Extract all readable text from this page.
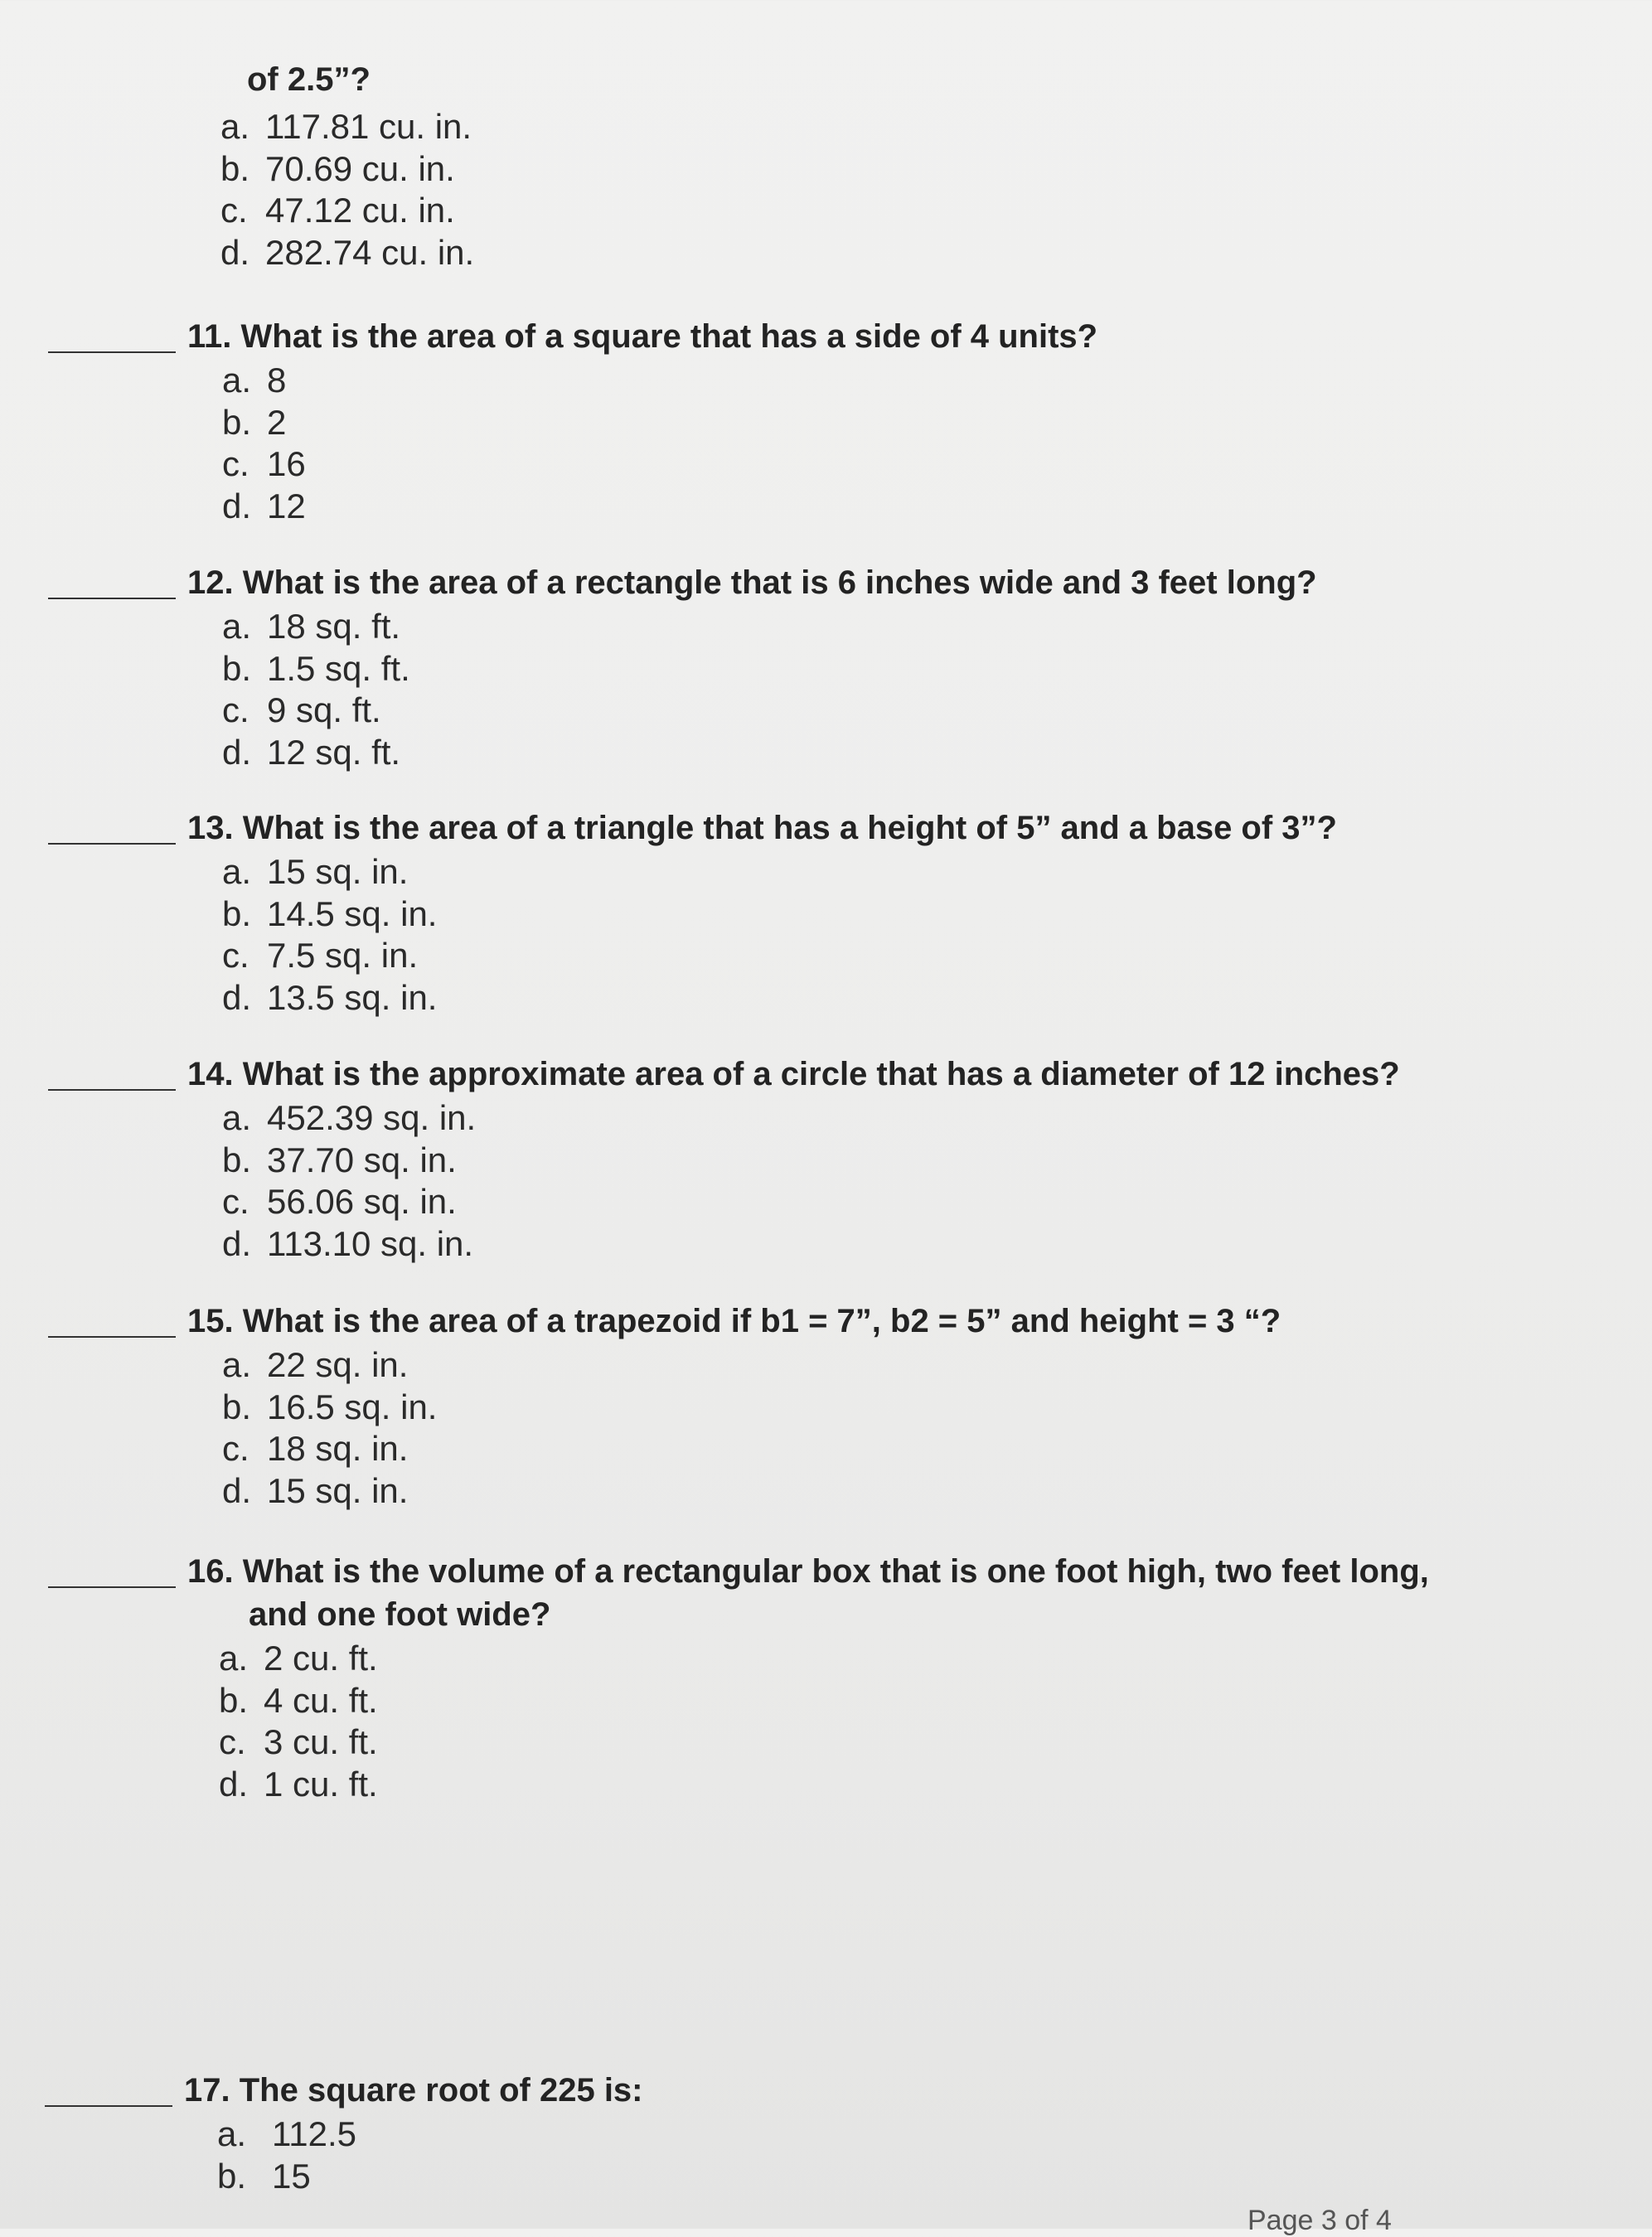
of 2.5”?

a. 117.81 cu. in.
b. 70.69 cu. in.
c. 47.12 cu. in.
d. 282.74 cu. in.
11. What is the area of a square that has a side of 4 units?
a. 8
b. 2
c. 16
d. 12
12. What is the area of a rectangle that is 6 inches wide and 3 feet long?
a. 18 sq. ft.
b. 1.5 sq. ft.
c. 9 sq. ft.
d. 12 sq. ft.
13. What is the area of a triangle that has a height of 5” and a base of 3”?
a. 15 sq. in.
b. 14.5 sq. in.
c. 7.5 sq. in.
d. 13.5 sq. in.
14. What is the approximate area of a circle that has a diameter of 12 inches?
a. 452.39 sq. in.
b. 37.70 sq. in.
c. 56.06 sq. in.
d. 113.10 sq. in.
15. What is the area of a trapezoid if b1 = 7”, b2 = 5” and height = 3 “?
a. 22 sq. in.
b. 16.5 sq. in.
c. 18 sq. in.
d. 15 sq. in.
16. What is the volume of a rectangular box that is one foot high, two feet long,
and one foot wide?
a. 2 cu. ft.
b. 4 cu. ft.
c. 3 cu. ft.
d. 1 cu. ft.
17. The square root of 225 is:
a. 112.5
b. 15
Page 3 of 4
